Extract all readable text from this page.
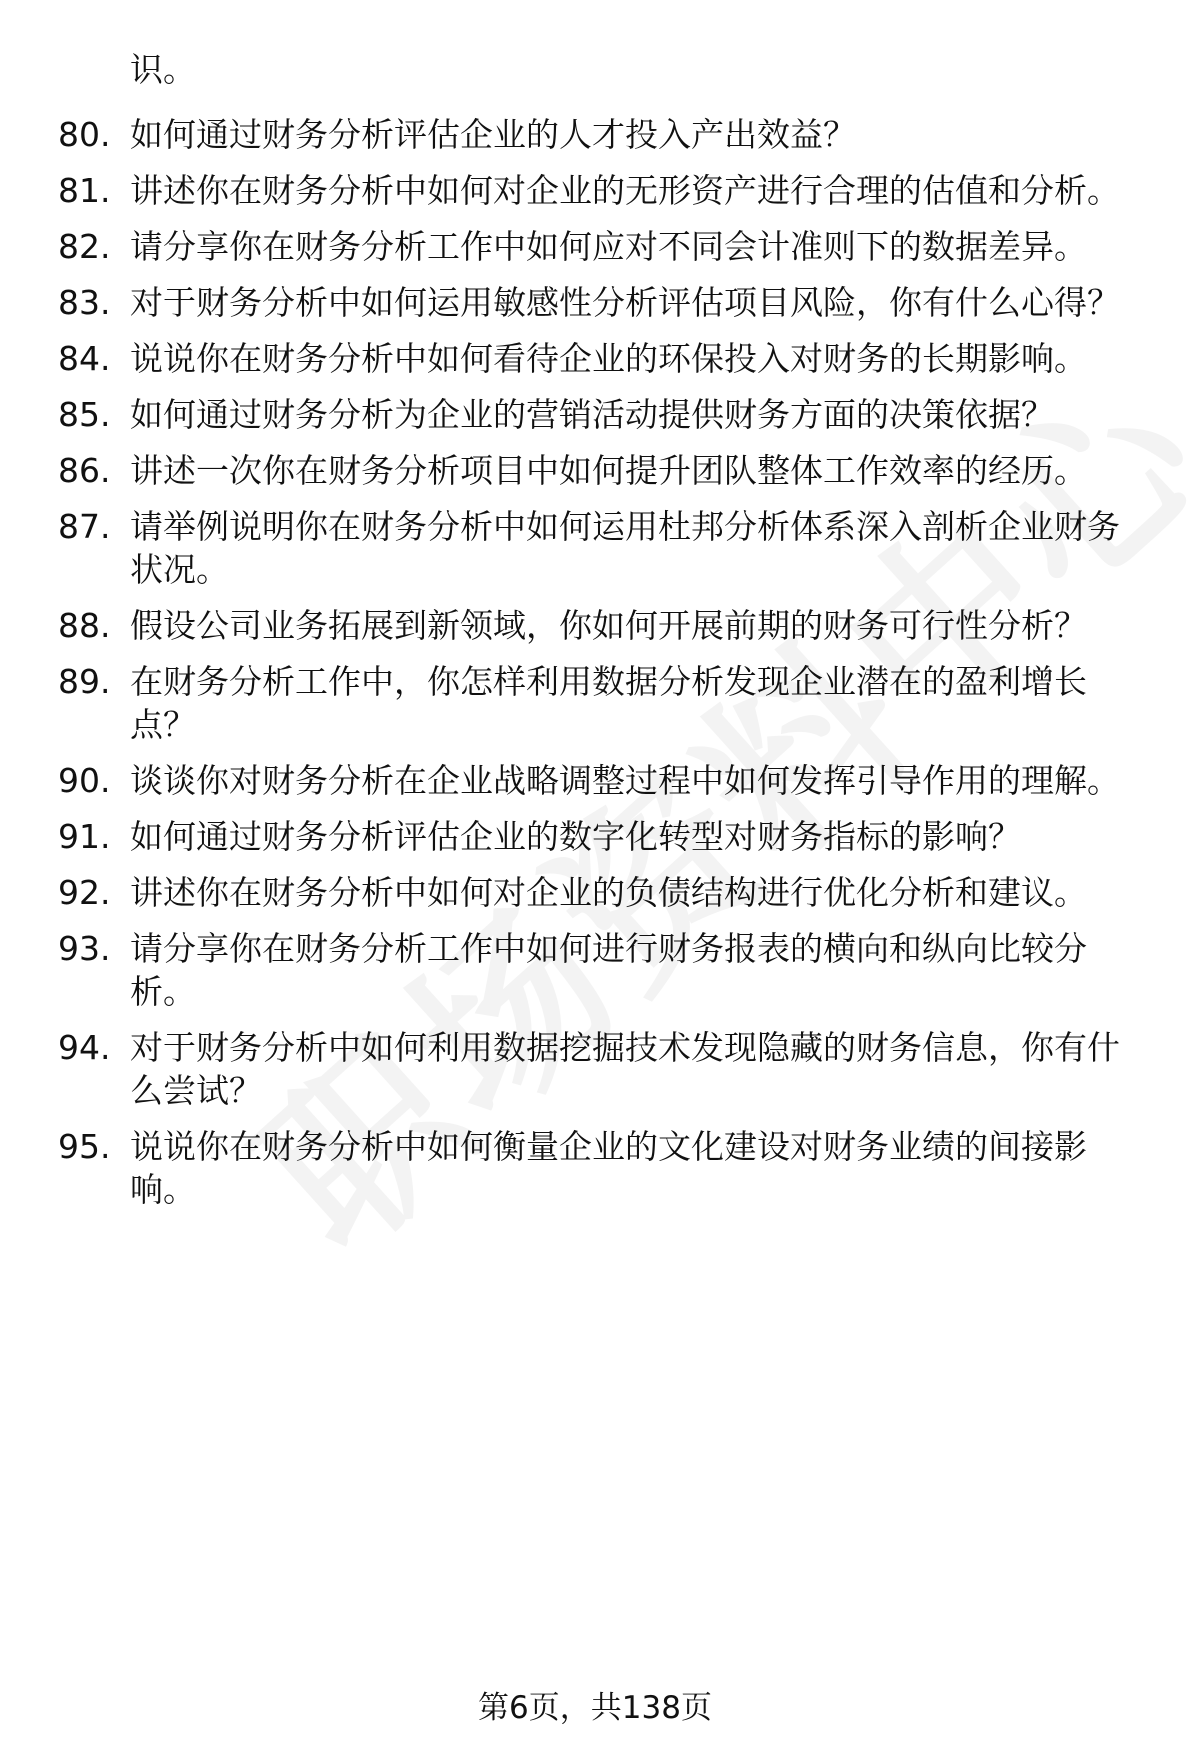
识。
80. 如何通过财务分析评估企业的人才投入产出效益？
81. 讲述你在财务分析中如何对企业的无形资产进行合理的估值和分析。
82. 请分享你在财务分析工作中如何应对不同会计准则下的数据差异。
83. 对于财务分析中如何运用敏感性分析评估项目风险，你有什么心得？
84. 说说你在财务分析中如何看待企业的环保投入对财务的长期影响。
85. 如何通过财务分析为企业的营销活动提供财务方面的决策依据？
86. 讲述一次你在财务分析项目中如何提升团队整体工作效率的经历。
87. 请举例说明你在财务分析中如何运用杜邦分析体系深入剖析企业财务状况。
88. 假设公司业务拓展到新领域，你如何开展前期的财务可行性分析？
89. 在财务分析工作中，你怎样利用数据分析发现企业潜在的盈利增长点？
90. 谈谈你对财务分析在企业战略调整过程中如何发挥引导作用的理解。
91. 如何通过财务分析评估企业的数字化转型对财务指标的影响？
92. 讲述你在财务分析中如何对企业的负债结构进行优化分析和建议。
93. 请分享你在财务分析工作中如何进行财务报表的横向和纵向比较分析。
94. 对于财务分析中如何利用数据挖掘技术发现隐藏的财务信息，你有什么尝试？
95. 说说你在财务分析中如何衡量企业的文化建设对财务业绩的间接影响。
第6页，共138页
